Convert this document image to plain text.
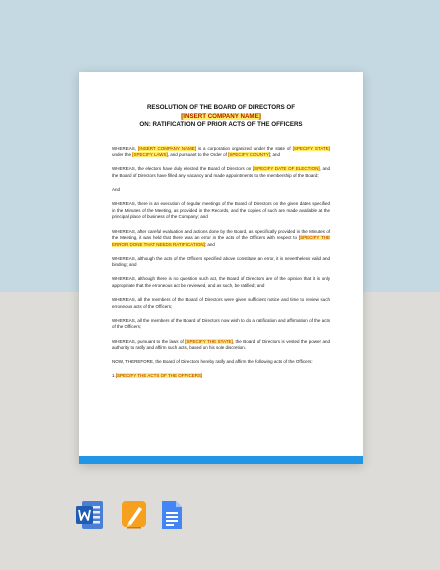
RESOLUTION OF THE BOARD OF DIRECTORS OF
[INSERT COMPANY NAME]
ON: RATIFICATION OF PRIOR ACTS OF THE OFFICERS

WHEREAS, [INSERT COMPANY NAME] is a corporation organized under the state of [SPECIFY STATE] under the [SPECIFY LAWS], and pursuant to the Order of [SPECIFY COUNTY]; and

WHEREAS, the electors have duly elected the Board of Directors on [SPECIFY DATE OF ELECTION], and the Board of Directors have filled any vacancy and made appointments to the membership of the Board;

And

WHEREAS, there is an execution of regular meetings of the Board of Directors on the given dates specified in the Minutes of the Meeting, as provided in the Records, and the copies of such are made available at the principal place of business of the Company; and

WHEREAS, after careful evaluation and actions done by the Board, as specifically provided in the Minutes of the Meeting, it was held that there was an error in the acts of the Officers with respect to [SPECIFY THE ERROR DONE THAT NEEDS RATIFICATION]; and

WHEREAS, although the acts of the Officers specified above constitute an error, it is nevertheless valid and binding; and

WHEREAS, although there is no question such act, the Board of Directors are of the opinion that it is only appropriate that the erroneous act be reviewed, and as such, be ratified; and

WHEREAS, all the members of the Board of Directors were given sufficient notice and time to review such erroneous acts of the Officers;

WHEREAS, all the members of the Board of Directors now wish to do a ratification and affirmation of the acts of the Officers;

WHEREAS, pursuant to the laws of [SPECIFY THE STATE], the Board of Directors is vested the power and authority to ratify and affirm such acts, based on his sole discretion.

NOW, THEREFORE, the Board of Directors hereby ratify and affirm the following acts of the Officers:

1.[SPECIFY THE ACTS OF THE OFFICERS]
